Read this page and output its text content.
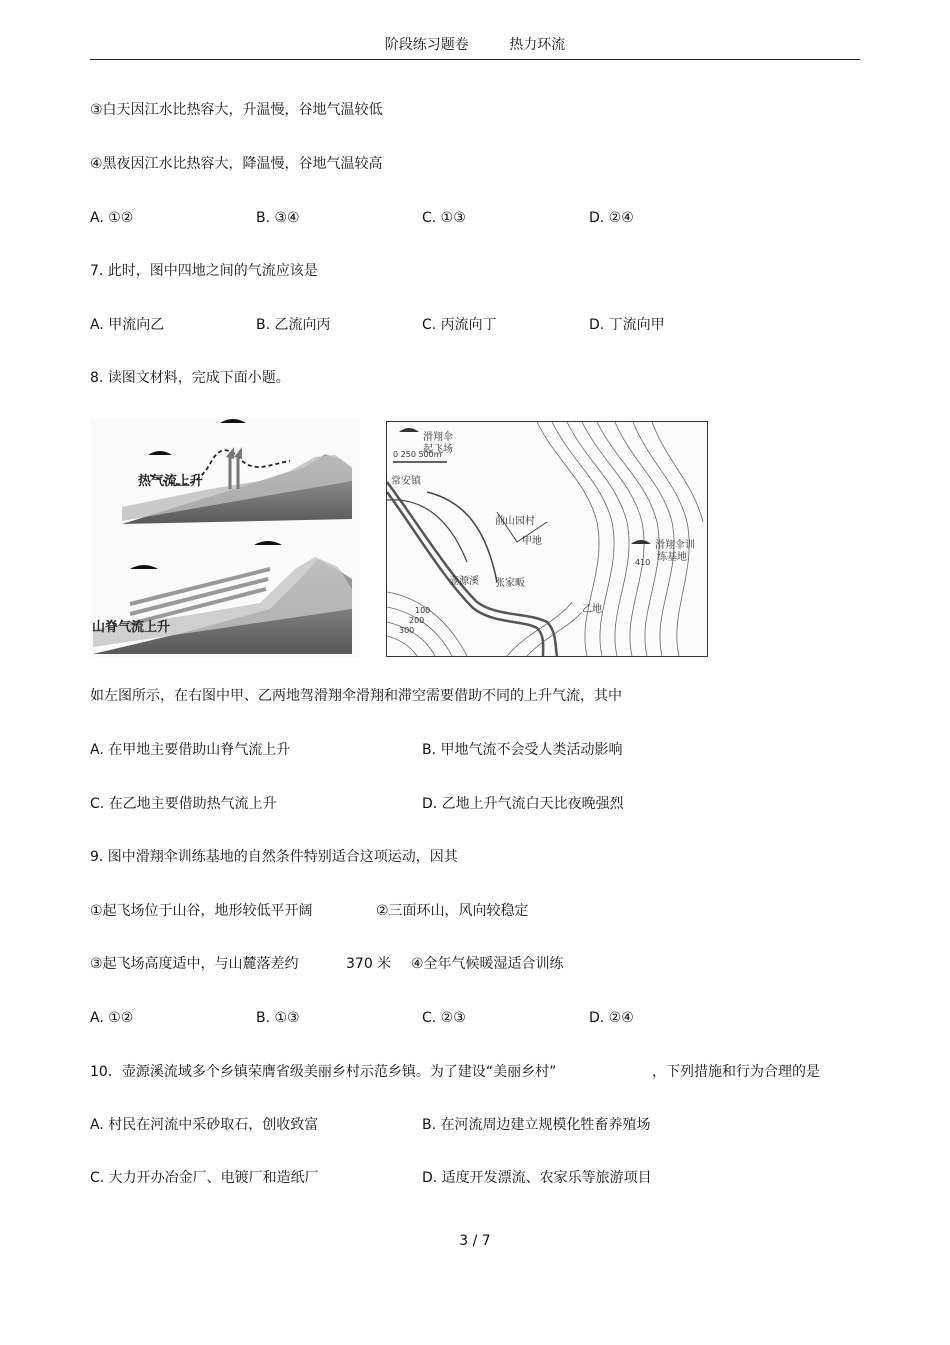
阶段练习题卷	热力环流
③白天因江水比热容大，升温慢，谷地气温较低
④黑夜因江水比热容大，降温慢，谷地气温较高
A. ①②	B. ③④	C. ①③	D. ②④
7. 此时，图中四地之间的气流应该是
A. 甲流向乙	B. 乙流向丙	C. 丙流向丁	D. 丁流向甲
8. 读图文材料，完成下面小题。
热气流上升
山脊气流上升
滑翔伞
起飞场
0 250 500m
常安镇
前山园村
甲地	滑翔伞训
练基地
张家畈
乙地
壶源溪
100
200
300
410
如左图所示，在右图中甲、乙两地驾滑翔伞滑翔和滞空需要借助不同的上升气流，其中
A. 在甲地主要借助山脊气流上升	B. 甲地气流不会受人类活动影响
C. 在乙地主要借助热气流上升	D. 乙地上升气流白天比夜晚强烈
9. 图中滑翔伞训练基地的自然条件特别适合这项运动，因其
①起飞场位于山谷，地形较低平开阔	②三面环山，风向较稳定
③起飞场高度适中，与山麓落差约	370 米 ④全年气候暖湿适合训练
A. ①②	B. ①③	C. ②③	D. ②④
10．壶源溪流域多个乡镇荣膺省级美丽乡村示范乡镇。为了建设“美丽乡村”	，下列措施和行为合理的是
A. 村民在河流中采砂取石，创收致富	B. 在河流周边建立规模化牲畜养殖场
C. 大力开办冶金厂、电镀厂和造纸厂	D. 适度开发漂流、农家乐等旅游项目
3 / 7
